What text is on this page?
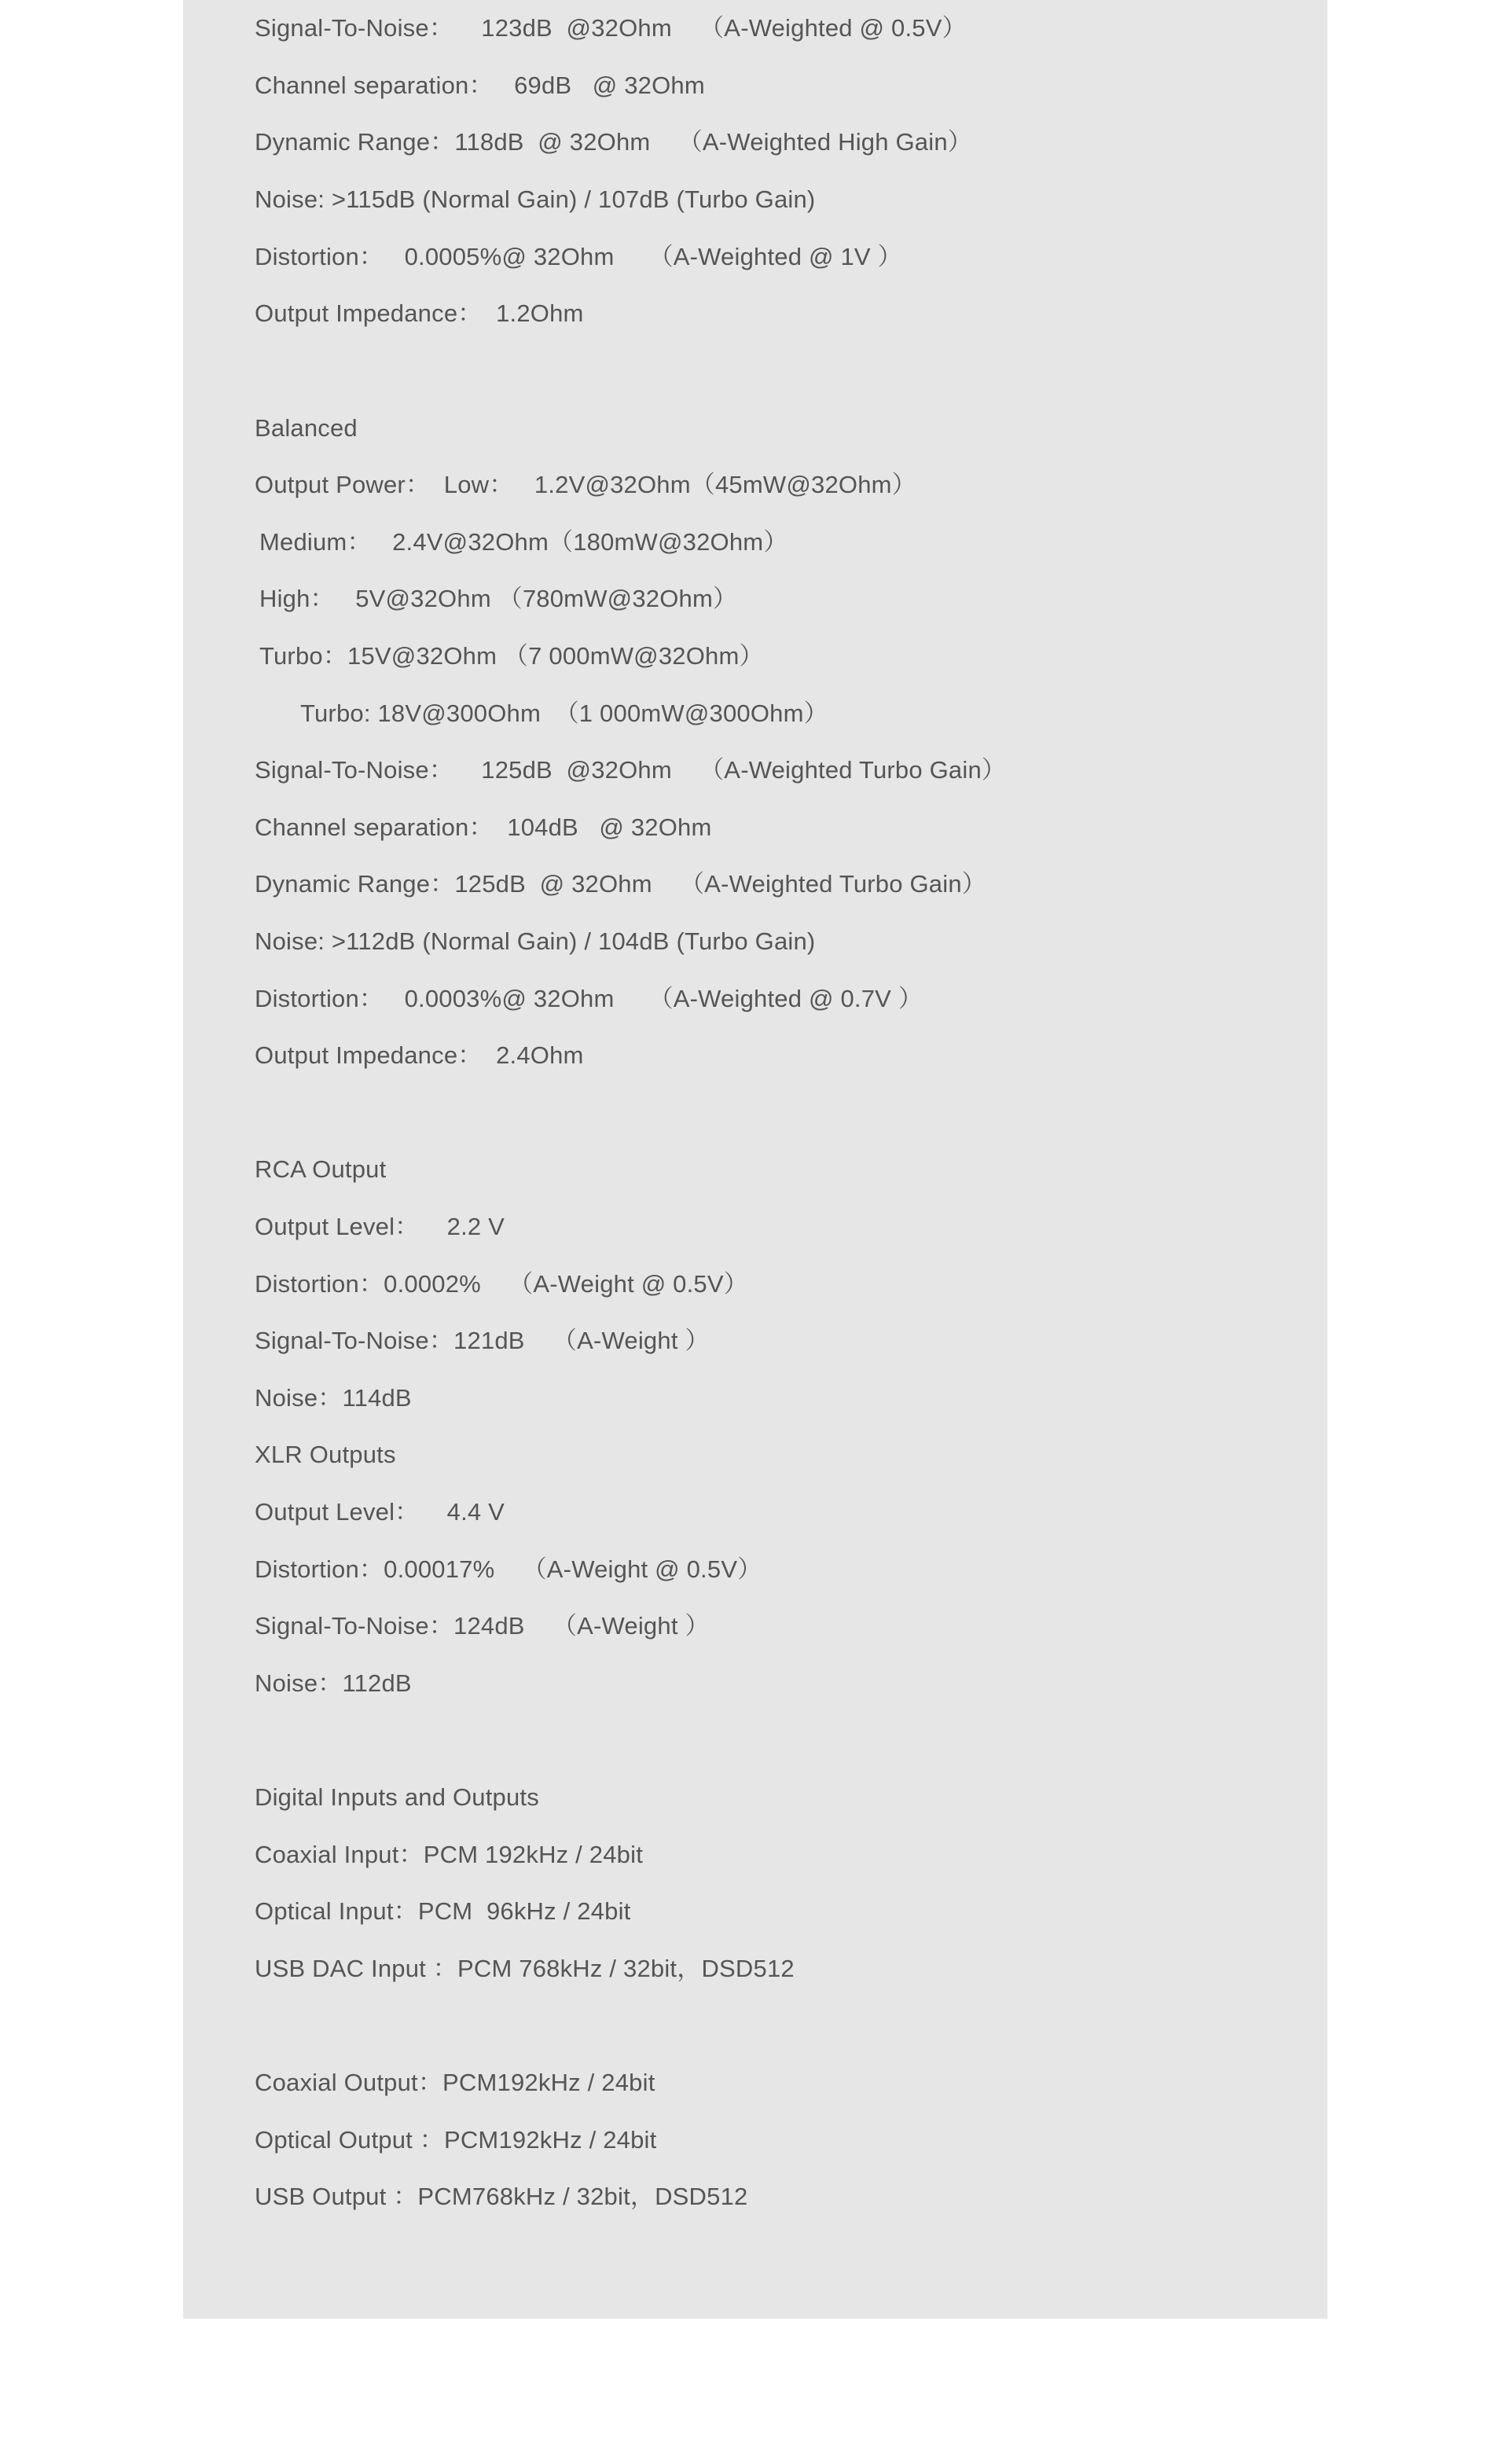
Signal-To-Noise：    123dB  @32Ohm    （A-Weighted @ 0.5V）

Channel separation：   69dB   @ 32Ohm

Dynamic Range：118dB  @ 32Ohm    （A-Weighted High Gain）

Noise: >115dB (Normal Gain) / 107dB (Turbo Gain)

Distortion：   0.0005%@ 32Ohm     （A-Weighted @ 1V ）

Output Impedance：  1.2Ohm

Balanced

Output Power：  Low：   1.2V@32Ohm（45mW@32Ohm）

Medium：   2.4V@32Ohm（180mW@32Ohm）

High：   5V@32Ohm （780mW@32Ohm）

Turbo：15V@32Ohm （7 000mW@32Ohm）

Turbo: 18V@300Ohm  （1 000mW@300Ohm）

Signal-To-Noise：    125dB  @32Ohm    （A-Weighted Turbo Gain）

Channel separation：  104dB   @ 32Ohm

Dynamic Range：125dB  @ 32Ohm    （A-Weighted Turbo Gain）

Noise: >112dB (Normal Gain) / 104dB (Turbo Gain)

Distortion：   0.0003%@ 32Ohm     （A-Weighted @ 0.7V ）

Output Impedance：  2.4Ohm

RCA Output

Output Level：    2.2 V

Distortion：0.0002%    （A-Weight @ 0.5V）

Signal-To-Noise：121dB    （A-Weight ）

Noise：114dB

XLR Outputs

Output Level：    4.4 V

Distortion：0.00017%    （A-Weight @ 0.5V）

Signal-To-Noise：124dB    （A-Weight ）

Noise：112dB

Digital Inputs and Outputs

Coaxial Input：PCM 192kHz / 24bit

Optical Input：PCM  96kHz / 24bit

USB DAC Input ：PCM 768kHz / 32bit，DSD512

Coaxial Output：PCM192kHz / 24bit

Optical Output ：PCM192kHz / 24bit

USB Output ：PCM768kHz / 32bit，DSD512
